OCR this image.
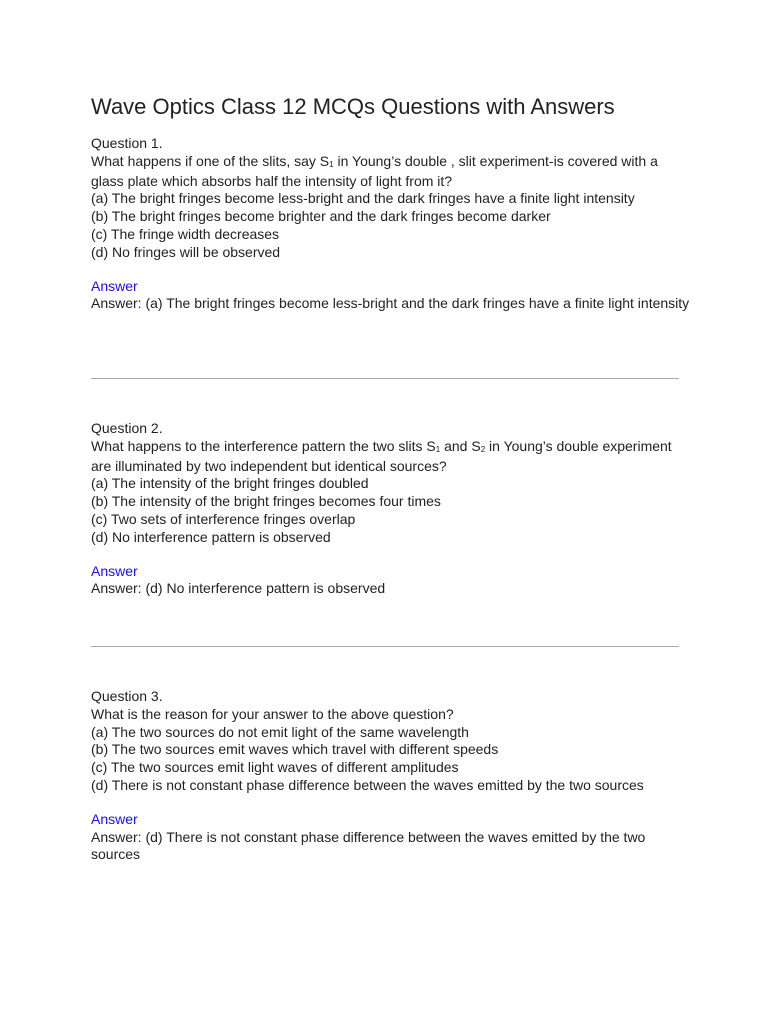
Wave Optics Class 12 MCQs Questions with Answers
Question 1.
What happens if one of the slits, say $S_1$ in Young’s double , slit experiment-is covered with a glass plate which absorbs half the intensity of light from it?
(a) The bright fringes become less-bright and the dark fringes have a finite light intensity
(b) The bright fringes become brighter and the dark fringes become darker
(c) The fringe width decreases
(d) No fringes will be observed
Answer
Answer: (a) The bright fringes become less-bright and the dark fringes have a finite light intensity
Question 2.
What happens to the interference pattern the two slits $S_1$ and $S_2$ in Young’s double experiment are illuminated by two independent but identical sources?
(a) The intensity of the bright fringes doubled
(b) The intensity of the bright fringes becomes four times
(c) Two sets of interference fringes overlap
(d) No interference pattern is observed
Answer
Answer: (d) No interference pattern is observed
Question 3.
What is the reason for your answer to the above question?
(a) The two sources do not emit light of the same wavelength
(b) The two sources emit waves which travel with different speeds
(c) The two sources emit light waves of different amplitudes
(d) There is not constant phase difference between the waves emitted by the two sources
Answer
Answer: (d) There is not constant phase difference between the waves emitted by the two sources
